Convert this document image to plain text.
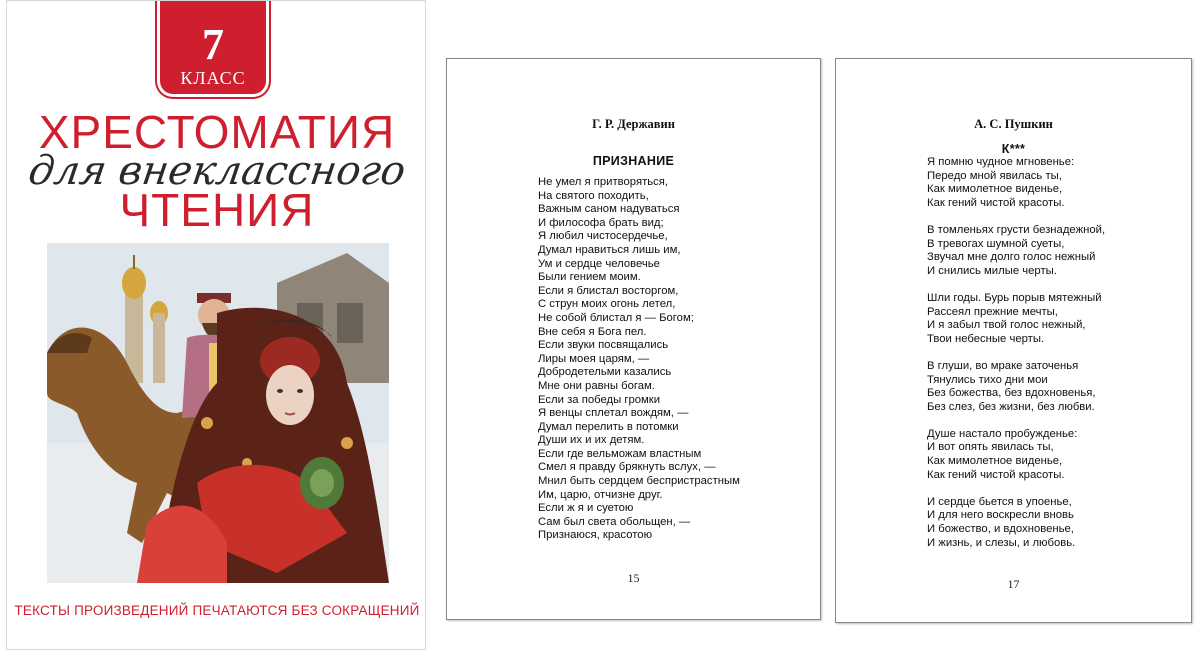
7
КЛАСС
ХРЕСТОМАТИЯ
для внеклассного
ЧТЕНИЯ
ТЕКСТЫ ПРОИЗВЕДЕНИЙ ПЕЧАТАЮТСЯ БЕЗ СОКРАЩЕНИЙ
Г. Р. Державин
ПРИЗНАНИЕ
Не умел я притворяться,
На святого походить,
Важным саном надуваться
И философа брать вид;
Я любил чистосердечье,
Думал нравиться лишь им,
Ум и сердце человечье
Были гением моим.
Если я блистал восторгом,
С струн моих огонь летел,
Не собой блистал я — Богом;
Вне себя я Бога пел.
Если звуки посвящались
Лиры моея царям, —
Добродетельми казались
Мне они равны богам.
Если за победы громки
Я венцы сплетал вождям, —
Думал перелить в потомки
Души их и их детям.
Если где вельможам властным
Смел я правду брякнуть вслух, —
Мнил быть сердцем беспристрастным
Им, царю, отчизне друг.
Если ж я и суетою
Сам был света обольщен, —
Признаюся, красотою
15
А. С. Пушкин
К***
Я помню чудное мгновенье:
Передо мной явилась ты,
Как мимолетное виденье,
Как гений чистой красоты.
В томленьях грусти безнадежной,
В тревогах шумной суеты,
Звучал мне долго голос нежный
И снились милые черты.
Шли годы. Бурь порыв мятежный
Рассеял прежние мечты,
И я забыл твой голос нежный,
Твои небесные черты.
В глуши, во мраке заточенья
Тянулись тихо дни мои
Без божества, без вдохновенья,
Без слез, без жизни, без любви.
Душе настало пробужденье:
И вот опять явилась ты,
Как мимолетное виденье,
Как гений чистой красоты.
И сердце бьется в упоенье,
И для него воскресли вновь
И божество, и вдохновенье,
И жизнь, и слезы, и любовь.
17
